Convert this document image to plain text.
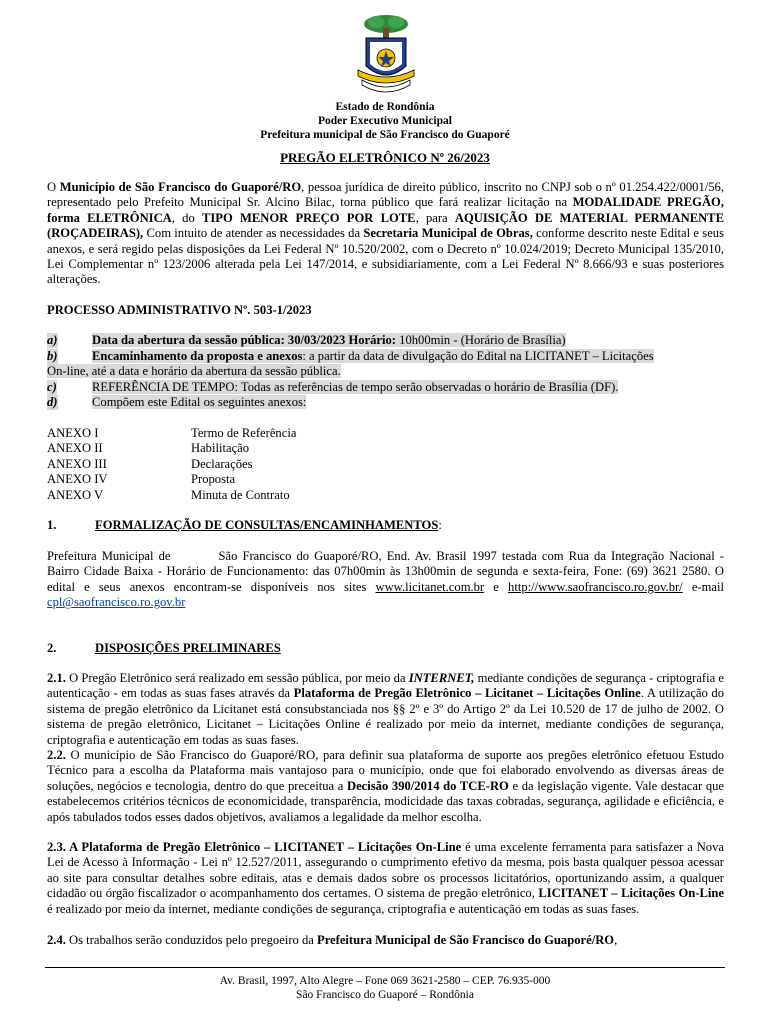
Estado de Rondônia
Poder Executivo Municipal
Prefeitura municipal de São Francisco do Guaporé
PREGÃO ELETRÔNICO Nº 26/2023
O Município de São Francisco do Guaporé/RO, pessoa jurídica de direito público, inscrito no CNPJ sob o nº 01.254.422/0001/56, representado pelo Prefeito Municipal Sr. Alcino Bilac, torna público que fará realizar licitação na MODALIDADE PREGÃO, forma ELETRÔNICA, do TIPO MENOR PREÇO POR LOTE, para AQUISIÇÃO DE MATERIAL PERMANENTE (ROÇADEIRAS), Com intuito de atender as necessidades da Secretaria Municipal de Obras, conforme descrito neste Edital e seus anexos, e será regido pelas disposições da Lei Federal Nº 10.520/2002, com o Decreto nº 10.024/2019; Decreto Municipal 135/2010, Lei Complementar nº 123/2006 alterada pela Lei 147/2014, e subsidiariamente, com a Lei Federal Nº 8.666/93 e suas posteriores alterações.
PROCESSO ADMINISTRATIVO Nº. 503-1/2023
a)	Data da abertura da sessão pública: 30/03/2023 Horário: 10h00min - (Horário de Brasília)
b)	Encaminhamento da proposta e anexos: a partir da data de divulgação do Edital na LICITANET – Licitações
On-line, até a data e horário da abertura da sessão pública.
c)	REFERÊNCIA DE TEMPO: Todas as referências de tempo serão observadas o horário de Brasília (DF).
d)	Compõem este Edital os seguintes anexos:
ANEXO I	Termo de Referência
ANEXO II	Habilitação
ANEXO III	Declarações
ANEXO IV	Proposta
ANEXO V	Minuta de Contrato
1.	FORMALIZAÇÃO DE CONSULTAS/ENCAMINHAMENTOS:
Prefeitura Municipal de	São Francisco do Guaporé/RO, End. Av. Brasil 1997 testada com Rua da Integração Nacional - Bairro Cidade Baixa - Horário de Funcionamento: das 07h00min às 13h00min de segunda e sexta-feira, Fone: (69) 3621 2580. O edital e seus anexos encontram-se disponíveis nos sites www.licitanet.com.br e http://www.saofrancisco.ro.gov.br/ e-mail cpl@saofrancisco.ro.gov.br
2.	DISPOSIÇÕES PRELIMINARES
2.1. O Pregão Eletrônico será realizado em sessão pública, por meio da INTERNET, mediante condições de segurança - criptografia e autenticação - em todas as suas fases através da Plataforma de Pregão Eletrônico – Licitanet – Licitações Online. A utilização do sistema de pregão eletrônico da Licitanet está consubstanciada nos §§ 2º e 3º do Artigo 2º da Lei 10.520 de 17 de julho de 2002. O sistema de pregão eletrônico, Licitanet – Licitações Online é realizado por meio da internet, mediante condições de segurança, criptografia e autenticação em todas as suas fases.
2.2. O município de São Francisco do Guaporé/RO, para definir sua plataforma de suporte aos pregões eletrônico efetuou Estudo Técnico para a escolha da Plataforma mais vantajoso para o município, onde que foi elaborado envolvendo as diversas áreas de soluções, negócios e tecnologia, dentro do que preceitua a Decisão 390/2014 do TCE-RO e da legislação vigente. Vale destacar que estabelecemos critérios técnicos de economicidade, transparência, modicidade das taxas cobradas, segurança, agilidade e eficiência, e após tabulados todos esses dados objetivos, avaliamos a legalidade da melhor escolha.
2.3. A Plataforma de Pregão Eletrônico – LICITANET – Licitações On-Line é uma excelente ferramenta para satisfazer a Nova Lei de Acesso à Informação - Lei nº 12.527/2011, assegurando o cumprimento efetivo da mesma, pois basta qualquer pessoa acessar ao site para consultar detalhes sobre editais, atas e demais dados sobre os processos licitatórios, oportunizando assim, a qualquer cidadão ou órgão fiscalizador o acompanhamento dos certames. O sistema de pregão eletrônico, LICITANET – Licitações On-Line é realizado por meio da internet, mediante condições de segurança, criptografia e autenticação em todas as suas fases.
2.4. Os trabalhos serão conduzidos pelo pregoeiro da Prefeitura Municipal de São Francisco do Guaporé/RO,
Av. Brasil, 1997, Alto Alegre – Fone 069 3621-2580 – CEP. 76.935-000
São Francisco do Guaporé – Rondônia
